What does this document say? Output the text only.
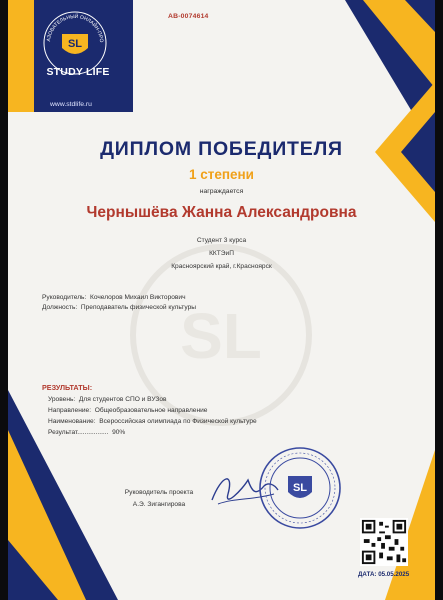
SL
АЗОВАТЕЛЬНЫЙ ОНЛАЙН-ПРО
SL
STUDY LIFE
www.stdlife.ru
АВ-0074614
ДИПЛОМ ПОБЕДИТЕЛЯ
1 степени
награждается
Чернышёва Жанна Александровна
Студент 3 курса
ККТЭиП
Красноярский край, г.Красноярск
Руководитель: Кочелоров Михаил Викторович
Должность: Преподаватель физической культуры
РЕЗУЛЬТАТЫ:
Уровень: Для студентов СПО и ВУЗов
Направление: Общеобразовательное направление
Наименование: Всероссийская олимпиада по Физической культуре
Результат................. 90%
Руководитель проекта
А.Э. Зигангирова
SL
ДАТА: 05.05.2025
